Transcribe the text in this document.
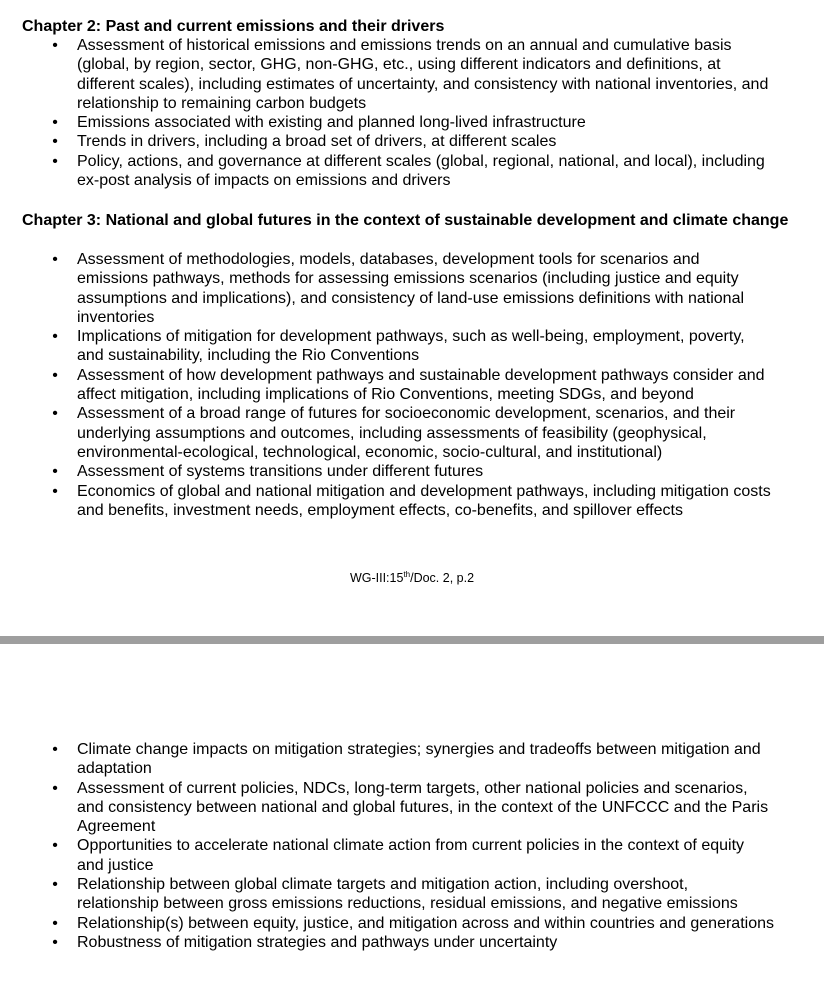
Chapter 2: Past and current emissions and their drivers
• Assessment of historical emissions and emissions trends on an annual and cumulative basis (global, by region, sector, GHG, non-GHG, etc., using different indicators and definitions, at different scales), including estimates of uncertainty, and consistency with national inventories, and relationship to remaining carbon budgets
• Emissions associated with existing and planned long-lived infrastructure
• Trends in drivers, including a broad set of drivers, at different scales
• Policy, actions, and governance at different scales (global, regional, national, and local), including ex-post analysis of impacts on emissions and drivers
Chapter 3: National and global futures in the context of sustainable development and climate change
• Assessment of methodologies, models, databases, development tools for scenarios and emissions pathways, methods for assessing emissions scenarios (including justice and equity assumptions and implications), and consistency of land-use emissions definitions with national inventories
• Implications of mitigation for development pathways, such as well-being, employment, poverty, and sustainability, including the Rio Conventions
• Assessment of how development pathways and sustainable development pathways consider and affect mitigation, including implications of Rio Conventions, meeting SDGs, and beyond
• Assessment of a broad range of futures for socioeconomic development, scenarios, and their underlying assumptions and outcomes, including assessments of feasibility (geophysical, environmental-ecological, technological, economic, socio-cultural, and institutional)
• Assessment of systems transitions under different futures
• Economics of global and national mitigation and development pathways, including mitigation costs and benefits, investment needs, employment effects, co-benefits, and spillover effects
WG-III:15th/Doc. 2, p.2
• Climate change impacts on mitigation strategies; synergies and tradeoffs between mitigation and adaptation
• Assessment of current policies, NDCs, long-term targets, other national policies and scenarios, and consistency between national and global futures, in the context of the UNFCCC and the Paris Agreement
• Opportunities to accelerate national climate action from current policies in the context of equity and justice
• Relationship between global climate targets and mitigation action, including overshoot, relationship between gross emissions reductions, residual emissions, and negative emissions
• Relationship(s) between equity, justice, and mitigation across and within countries and generations
• Robustness of mitigation strategies and pathways under uncertainty
